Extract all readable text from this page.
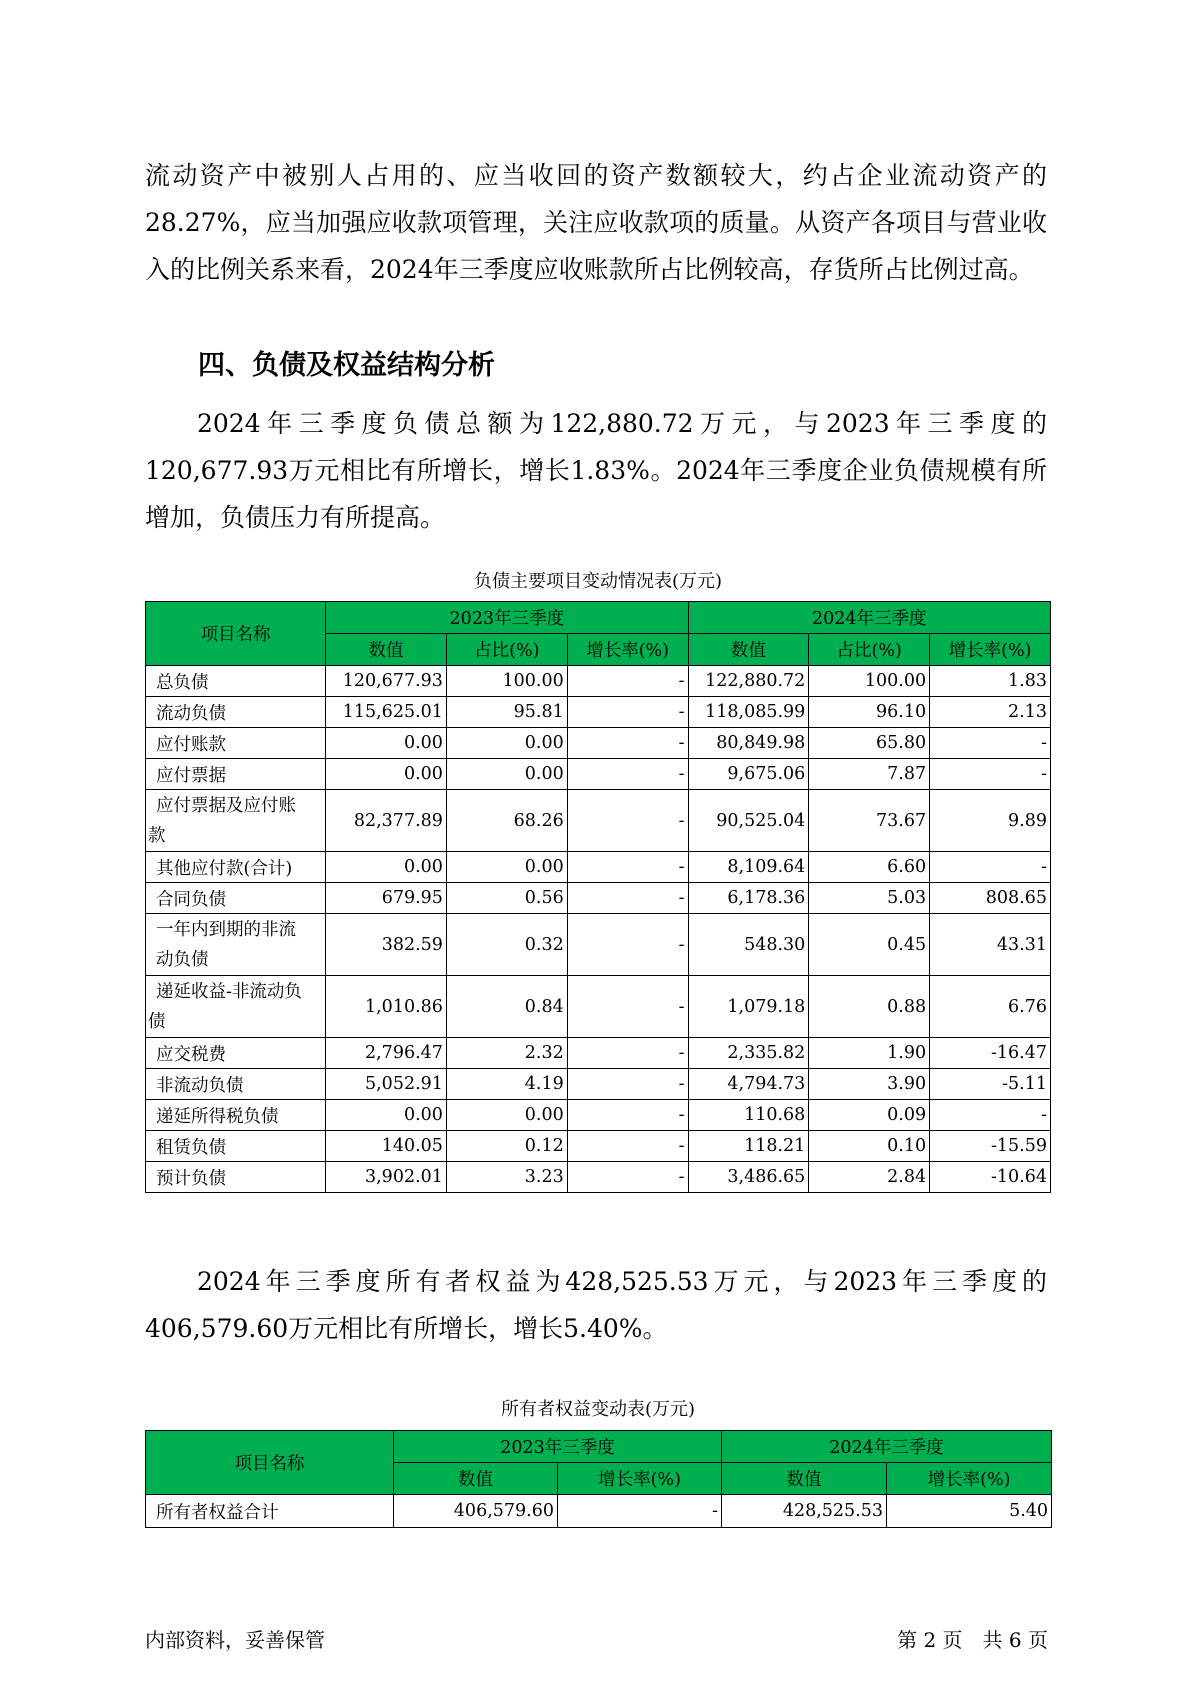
流动资产中被别人占用的、应当收回的资产数额较大，约占企业流动资产的28.27%，应当加强应收款项管理，关注应收款项的质量。从资产各项目与营业收入的比例关系来看，2024年三季度应收账款所占比例较高，存货所占比例过高。

四、负债及权益结构分析

2024年三季度负债总额为122,880.72万元，与2023年三季度的120,677.93万元相比有所增长，增长1.83%。2024年三季度企业负债规模有所增加，负债压力有所提高。

负债主要项目变动情况表(万元)

项目名称	2023年三季度			2024年三季度		
	数值	占比(%)	增长率(%)	数值	占比(%)	增长率(%)
总负债	120,677.93	100.00	-	122,880.72	100.00	1.83
流动负债	115,625.01	95.81	-	118,085.99	96.10	2.13
应付账款	0.00	0.00	-	80,849.98	65.80	-
应付票据	0.00	0.00	-	9,675.06	7.87	-

应付票据及应付账
款	82,377.89	68.26	-	90,525.04	73.67	9.89
其他应付款(合计)	0.00	0.00	-	8,109.64	6.60	-
合同负债	679.95	0.56	-	6,178.36	5.03	808.65

一年内到期的非流
动负债	382.59	0.32	-	548.30	0.45	43.31

递延收益-非流动负
债	1,010.86	0.84	-	1,079.18	0.88	6.76
应交税费	2,796.47	2.32	-	2,335.82	1.90	-16.47
非流动负债	5,052.91	4.19	-	4,794.73	3.90	-5.11
递延所得税负债	0.00	0.00	-	110.68	0.09	-
租赁负债	140.05	0.12	-	118.21	0.10	-15.59
预计负债	3,902.01	3.23	-	3,486.65	2.84	-10.64

2024年三季度所有者权益为428,525.53万元，与2023年三季度的406,579.60万元相比有所增长，增长5.40%。

所有者权益变动表(万元)

项目名称	2023年三季度		2024年三季度	
	数值	增长率(%)	数值	增长率(%)
所有者权益合计	406,579.60	-	428,525.53	5.40

内部资料，妥善保管	第 2 页　共 6 页
